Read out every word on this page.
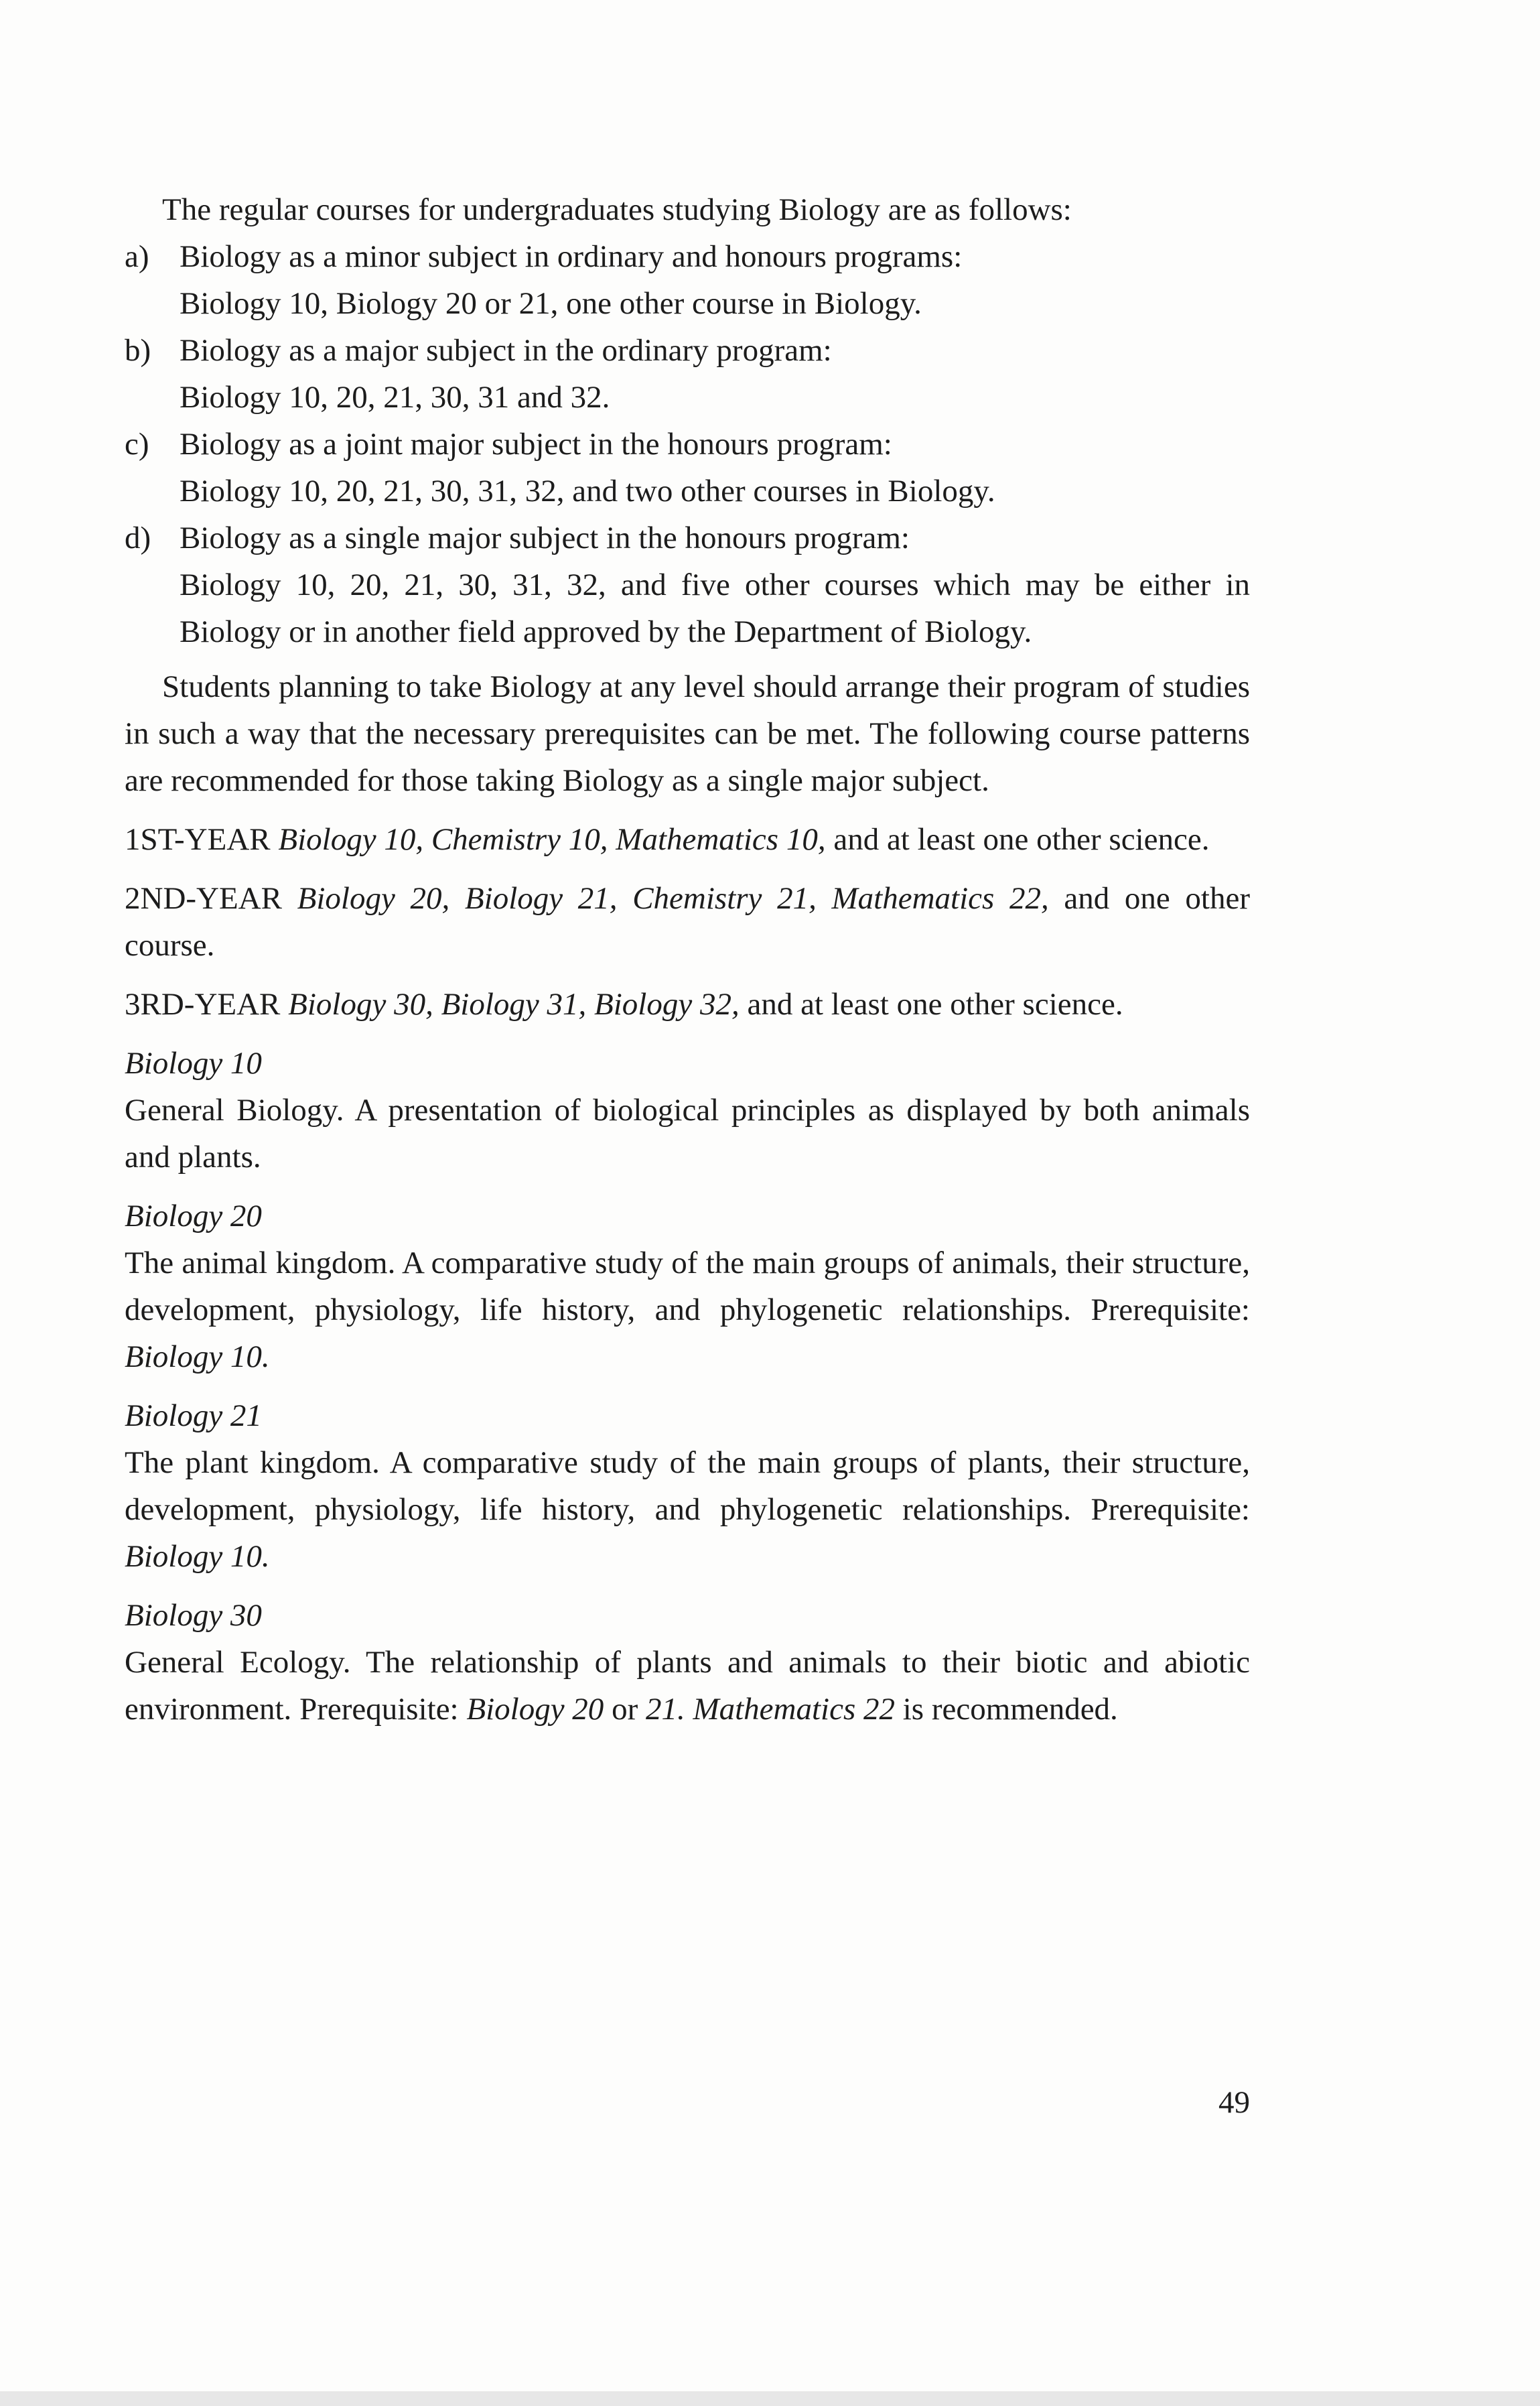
The regular courses for undergraduates studying Biology are as follows:

a) Biology as a minor subject in ordinary and honours programs:
Biology 10, Biology 20 or 21, one other course in Biology.
b) Biology as a major subject in the ordinary program:
Biology 10, 20, 21, 30, 31 and 32.
c) Biology as a joint major subject in the honours program:
Biology 10, 20, 21, 30, 31, 32, and two other courses in Biology.
d) Biology as a single major subject in the honours program:
Biology 10, 20, 21, 30, 31, 32, and five other courses which may be either in Biology or in another field approved by the Department of Biology.

Students planning to take Biology at any level should arrange their program of studies in such a way that the necessary prerequisites can be met. The following course patterns are recommended for those taking Biology as a single major subject.

1ST-YEAR Biology 10, Chemistry 10, Mathematics 10, and at least one other science.

2ND-YEAR Biology 20, Biology 21, Chemistry 21, Mathematics 22, and one other course.

3RD-YEAR Biology 30, Biology 31, Biology 32, and at least one other science.

Biology 10
General Biology. A presentation of biological principles as displayed by both animals and plants.
Biology 20
The animal kingdom. A comparative study of the main groups of animals, their structure, development, physiology, life history, and phylogenetic relationships. Prerequisite: Biology 10.
Biology 21
The plant kingdom. A comparative study of the main groups of plants, their structure, development, physiology, life history, and phylogenetic relationships. Prerequisite: Biology 10.
Biology 30
General Ecology. The relationship of plants and animals to their biotic and abiotic environment. Prerequisite: Biology 20 or 21. Mathematics 22 is recommended.
49
